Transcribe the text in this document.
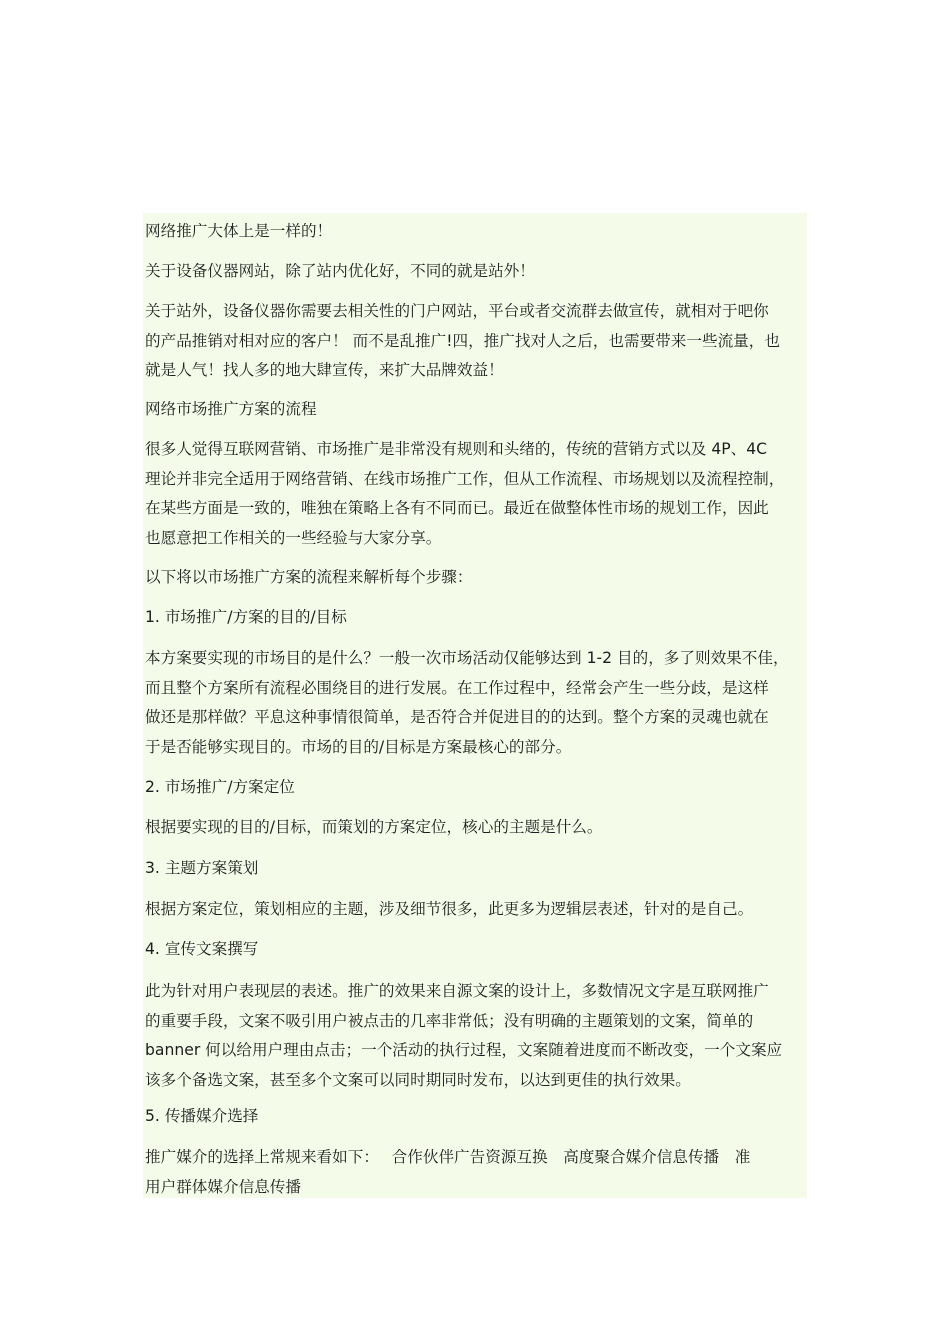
网络推广大体上是一样的！
关于设备仪器网站，除了站内优化好，不同的就是站外！
关于站外，设备仪器你需要去相关性的门户网站，平台或者交流群去做宣传，就相对于吧你
的产品推销对相对应的客户！ 而不是乱推广!四，推广找对人之后，也需要带来一些流量，也
就是人气！找人多的地大肆宣传，来扩大品牌效益！
网络市场推广方案的流程
很多人觉得互联网营销、市场推广是非常没有规则和头绪的，传统的营销方式以及 4P、4C
理论并非完全适用于网络营销、在线市场推广工作，但从工作流程、市场规划以及流程控制，
在某些方面是一致的，唯独在策略上各有不同而已。最近在做整体性市场的规划工作，因此
也愿意把工作相关的一些经验与大家分享。
以下将以市场推广方案的流程来解析每个步骤：
1. 市场推广/方案的目的/目标
本方案要实现的市场目的是什么？一般一次市场活动仅能够达到 1-2 目的，多了则效果不佳，
而且整个方案所有流程必围绕目的进行发展。在工作过程中，经常会产生一些分歧，是这样
做还是那样做？平息这种事情很简单，是否符合并促进目的的达到。整个方案的灵魂也就在
于是否能够实现目的。市场的目的/目标是方案最核心的部分。
2. 市场推广/方案定位
根据要实现的目的/目标，而策划的方案定位，核心的主题是什么。
3. 主题方案策划
根据方案定位，策划相应的主题，涉及细节很多，此更多为逻辑层表述，针对的是自己。
4. 宣传文案撰写
此为针对用户表现层的表述。推广的效果来自源文案的设计上，多数情况文字是互联网推广
的重要手段，文案不吸引用户被点击的几率非常低；没有明确的主题策划的文案，简单的
banner 何以给用户理由点击；一个活动的执行过程，文案随着进度而不断改变，一个文案应
该多个备选文案，甚至多个文案可以同时期同时发布，以达到更佳的执行效果。
5. 传播媒介选择
推广媒介的选择上常规来看如下：　 合作伙伴广告资源互换　高度聚合媒介信息传播　准
用户群体媒介信息传播
